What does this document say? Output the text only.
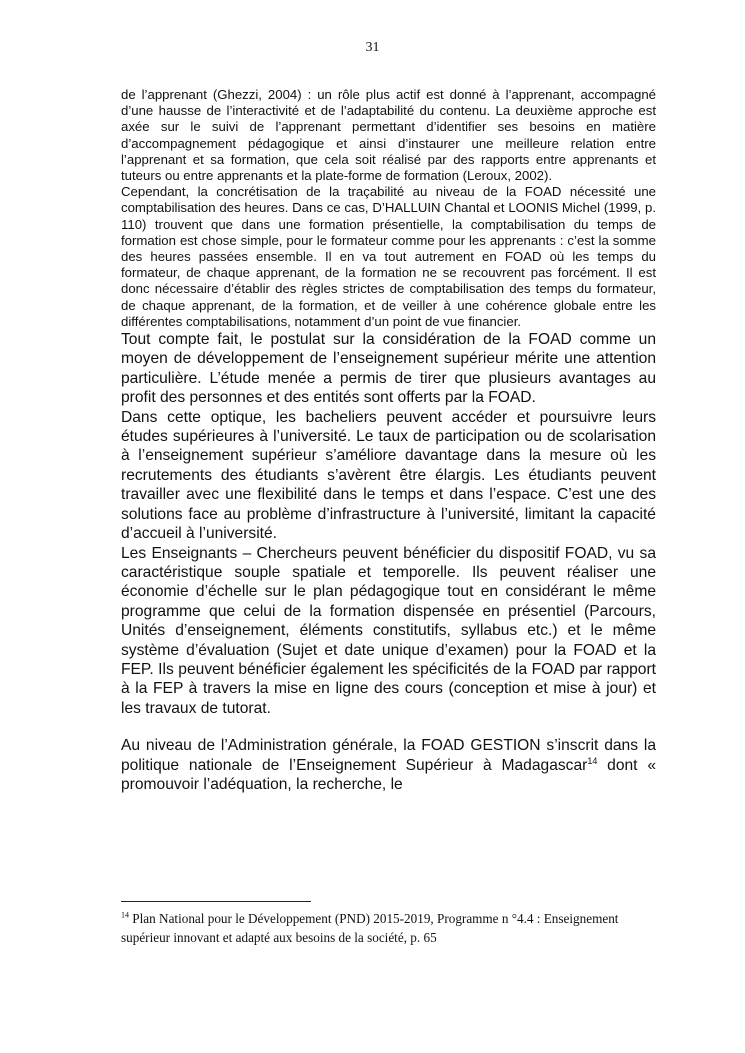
31

de l’apprenant (Ghezzi, 2004) : un rôle plus actif est donné à l’apprenant, accompagné d’une hausse de l’interactivité et de l’adaptabilité du contenu. La deuxième approche est axée sur le suivi de l’apprenant permettant d’identifier ses besoins en matière d’accompagnement pédagogique et ainsi d’instaurer une meilleure relation entre l’apprenant et sa formation, que cela soit réalisé par des rapports entre apprenants et tuteurs ou entre apprenants et la plate-forme de formation (Leroux, 2002).

Cependant, la concrétisation de la traçabilité au niveau de la FOAD nécessité une comptabilisation des heures. Dans ce cas, D’HALLUIN Chantal et LOONIS Michel (1999, p. 110) trouvent que dans une formation présentielle, la comptabilisation du temps de formation est chose simple, pour le formateur comme pour les apprenants : c’est la somme des heures passées ensemble. Il en va tout autrement en FOAD où les temps du formateur, de chaque apprenant, de la formation ne se recouvrent pas forcément. Il est donc nécessaire d’établir des règles strictes de comptabilisation des temps du formateur, de chaque apprenant, de la formation, et de veiller à une cohérence globale entre les différentes comptabilisations, notamment d’un point de vue financier.

Tout compte fait, le postulat sur la considération de la FOAD comme un moyen de développement de l’enseignement supérieur mérite une attention particulière. L’étude menée a permis de tirer que plusieurs avantages au profit des personnes et des entités sont offerts par la FOAD.

Dans cette optique, les bacheliers peuvent accéder et poursuivre leurs études supérieures à l’université. Le taux de participation ou de scolarisation à l’enseignement supérieur s’améliore davantage dans la mesure où les recrutements des étudiants s’avèrent être élargis. Les étudiants peuvent travailler avec une flexibilité dans le temps et dans l’espace. C’est une des solutions face au problème d’infrastructure à l’université, limitant la capacité d’accueil à l’université.

Les Enseignants – Chercheurs peuvent bénéficier du dispositif FOAD, vu sa caractéristique souple spatiale et temporelle. Ils peuvent réaliser une économie d’échelle sur le plan pédagogique tout en considérant le même programme que celui de la formation dispensée en présentiel (Parcours, Unités d’enseignement, éléments constitutifs, syllabus etc.) et le même système d’évaluation (Sujet et date unique d’examen) pour la FOAD et la FEP. Ils peuvent bénéficier également les spécificités de la FOAD par rapport à la FEP à travers la mise en ligne des cours (conception et mise à jour) et les travaux de tutorat.

Au niveau de l’Administration générale, la FOAD GESTION s’inscrit dans la politique nationale de l’Enseignement Supérieur à Madagascar$^{14}$ dont « promouvoir l’adéquation, la recherche, le

$^{14}$ Plan National pour le Développement (PND) 2015-2019, Programme n °4.4 : Enseignement supérieur innovant et adapté aux besoins de la société, p. 65
